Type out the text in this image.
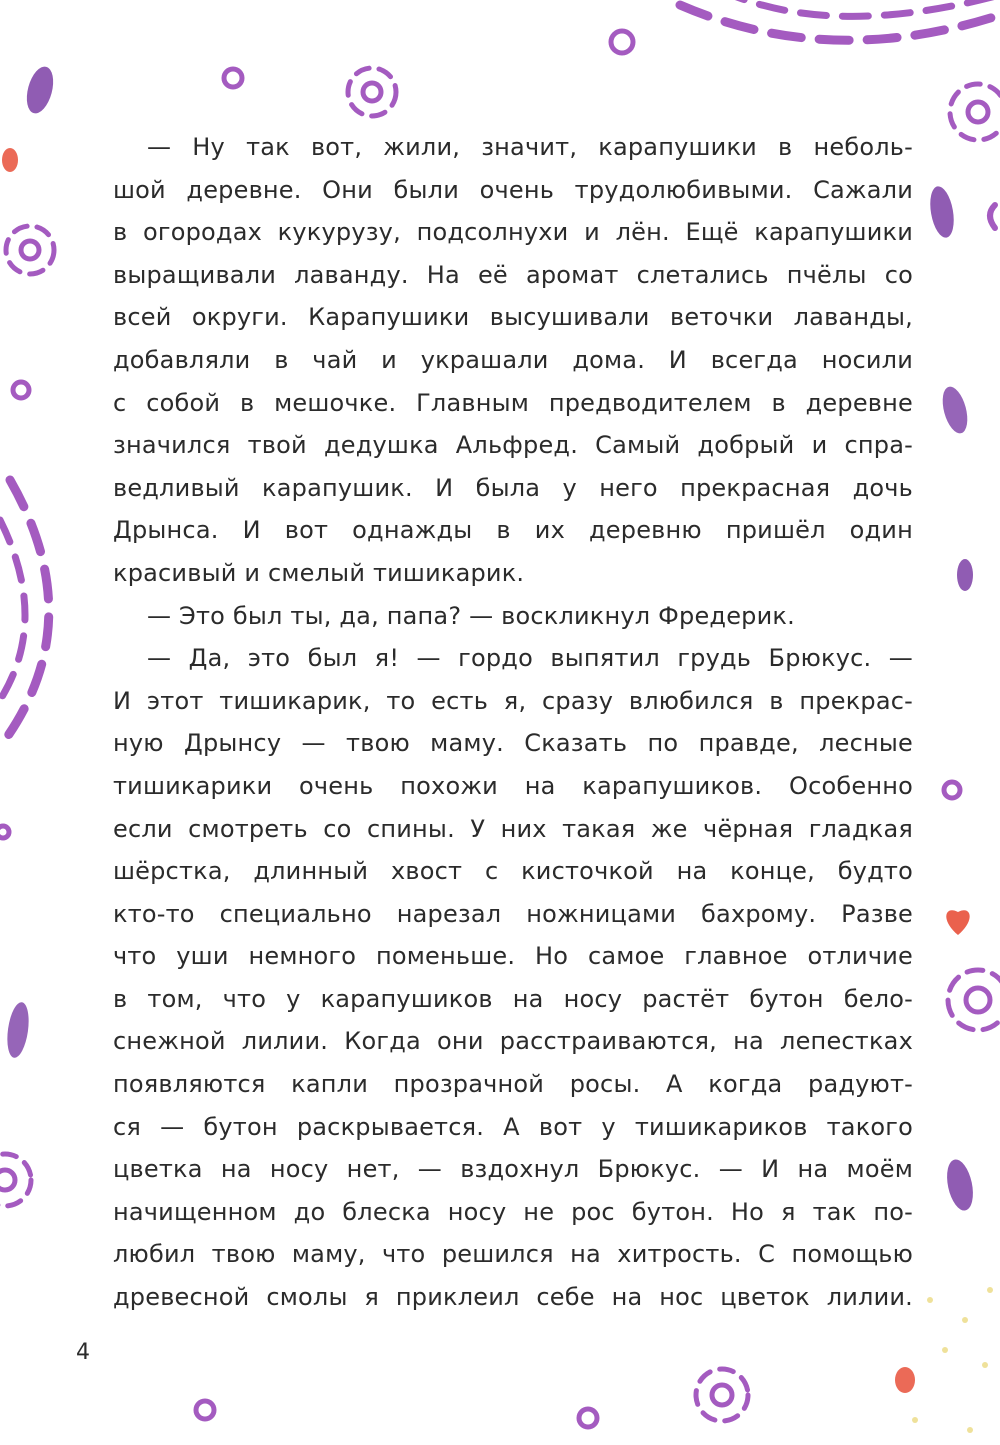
— Ну так вот, жили, значит, карапушики в неболь-
шой деревне. Они были очень трудолюбивыми. Сажали
в огородах кукурузу, подсолнухи и лён. Ещё карапушики
выращивали лаванду. На её аромат слетались пчёлы со
всей округи. Карапушики высушивали веточки лаванды,
добавляли в чай и украшали дома. И всегда носили
с собой в мешочке. Главным предводителем в деревне
значился твой дедушка Альфред. Самый добрый и спра-
ведливый карапушик. И была у него прекрасная дочь
Дрынса. И вот однажды в их деревню пришёл один
красивый и смелый тишикарик.
— Это был ты, да, папа? — воскликнул Фредерик.
— Да, это был я! — гордо выпятил грудь Брюкус. —
И этот тишикарик, то есть я, сразу влюбился в прекрас-
ную Дрынсу — твою маму. Сказать по правде, лесные
тишикарики очень похожи на карапушиков. Особенно
если смотреть со спины. У них такая же чёрная гладкая
шёрстка, длинный хвост с кисточкой на конце, будто
кто-то специально нарезал ножницами бахрому. Разве
что уши немного поменьше. Но самое главное отличие
в том, что у карапушиков на носу растёт бутон бело-
снежной лилии. Когда они расстраиваются, на лепестках
появляются капли прозрачной росы. А когда радуют-
ся — бутон раскрывается. А вот у тишикариков такого
цветка на носу нет, — вздохнул Брюкус. — И на моём
начищенном до блеска носу не рос бутон. Но я так по-
любил твою маму, что решился на хитрость. С помощью
древесной смолы я приклеил себе на нос цветок лилии.
4
